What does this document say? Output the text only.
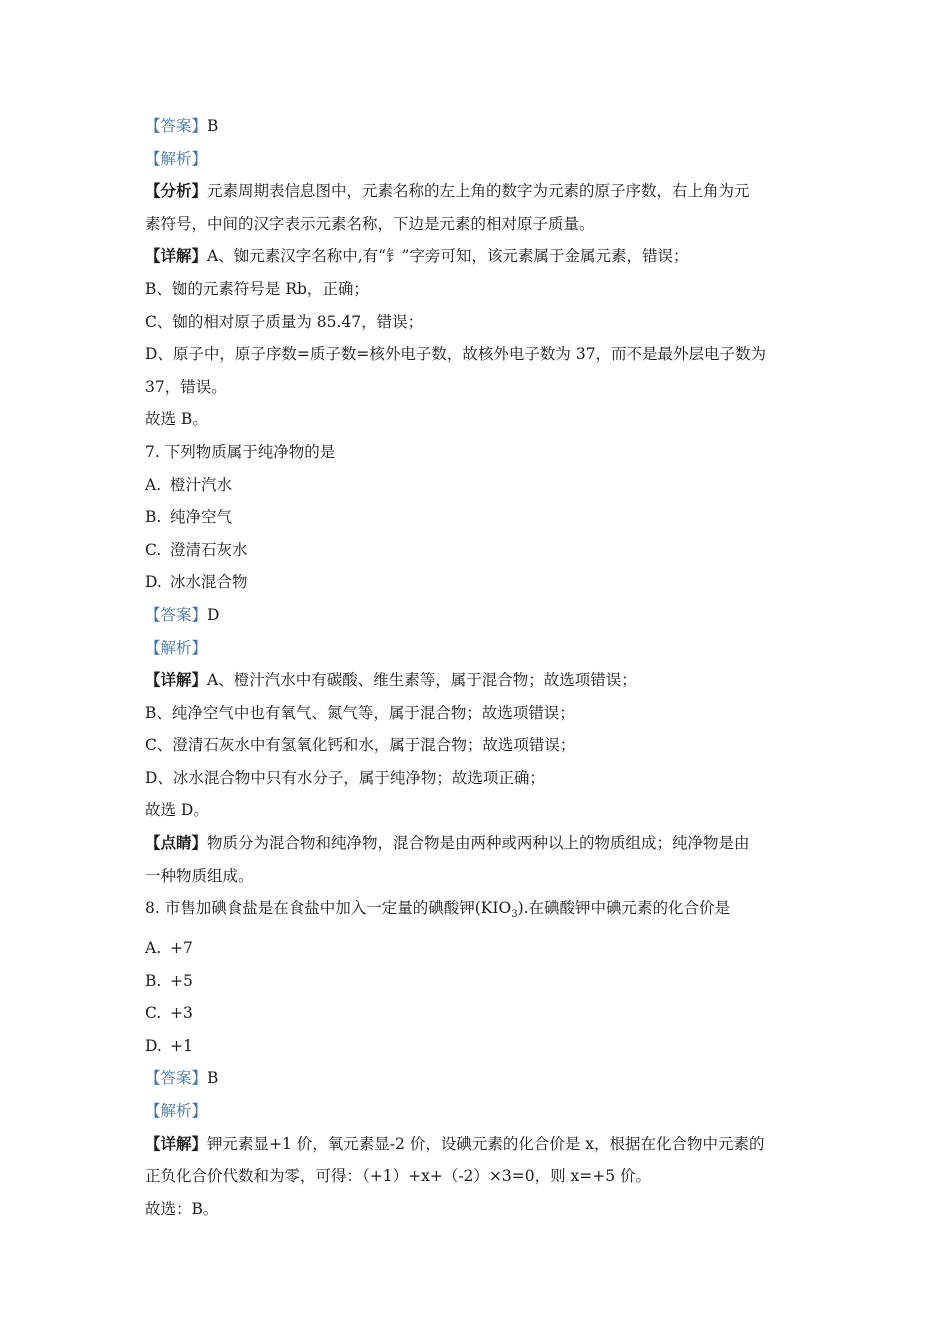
【答案】B
【解析】
【分析】元素周期表信息图中，元素名称的左上角的数字为元素的原子序数，右上角为元
素符号，中间的汉字表示元素名称，下边是元素的相对原子质量。
【详解】A、铷元素汉字名称中,有“钅”字旁可知，该元素属于金属元素，错误；
B、铷的元素符号是 Rb，正确；
C、铷的相对原子质量为 85.47，错误；
D、原子中，原子序数=质子数=核外电子数，故核外电子数为 37，而不是最外层电子数为
37，错误。
故选 B。
7. 下列物质属于纯净物的是
A. 橙汁汽水
B. 纯净空气
C. 澄清石灰水
D. 冰水混合物
【答案】D
【解析】
【详解】A、橙汁汽水中有碳酸、维生素等，属于混合物；故选项错误；
B、纯净空气中也有氧气、氮气等，属于混合物；故选项错误；
C、澄清石灰水中有氢氧化钙和水，属于混合物；故选项错误；
D、冰水混合物中只有水分子，属于纯净物；故选项正确；
故选 D。
【点睛】物质分为混合物和纯净物，混合物是由两种或两种以上的物质组成；纯净物是由
一种物质组成。
8. 市售加碘食盐是在食盐中加入一定量的碘酸钾$(KIO_3)$.在碘酸钾中碘元素的化合价是
A. +7
B. +5
C. +3
D. +1
【答案】B
【解析】
【详解】钾元素显+1 价，氧元素显-2 价，设碘元素的化合价是 x，根据在化合物中元素的
正负化合价代数和为零，可得：（+1）+x+（-2）×3=0，则 x=+5 价。
故选：B。
